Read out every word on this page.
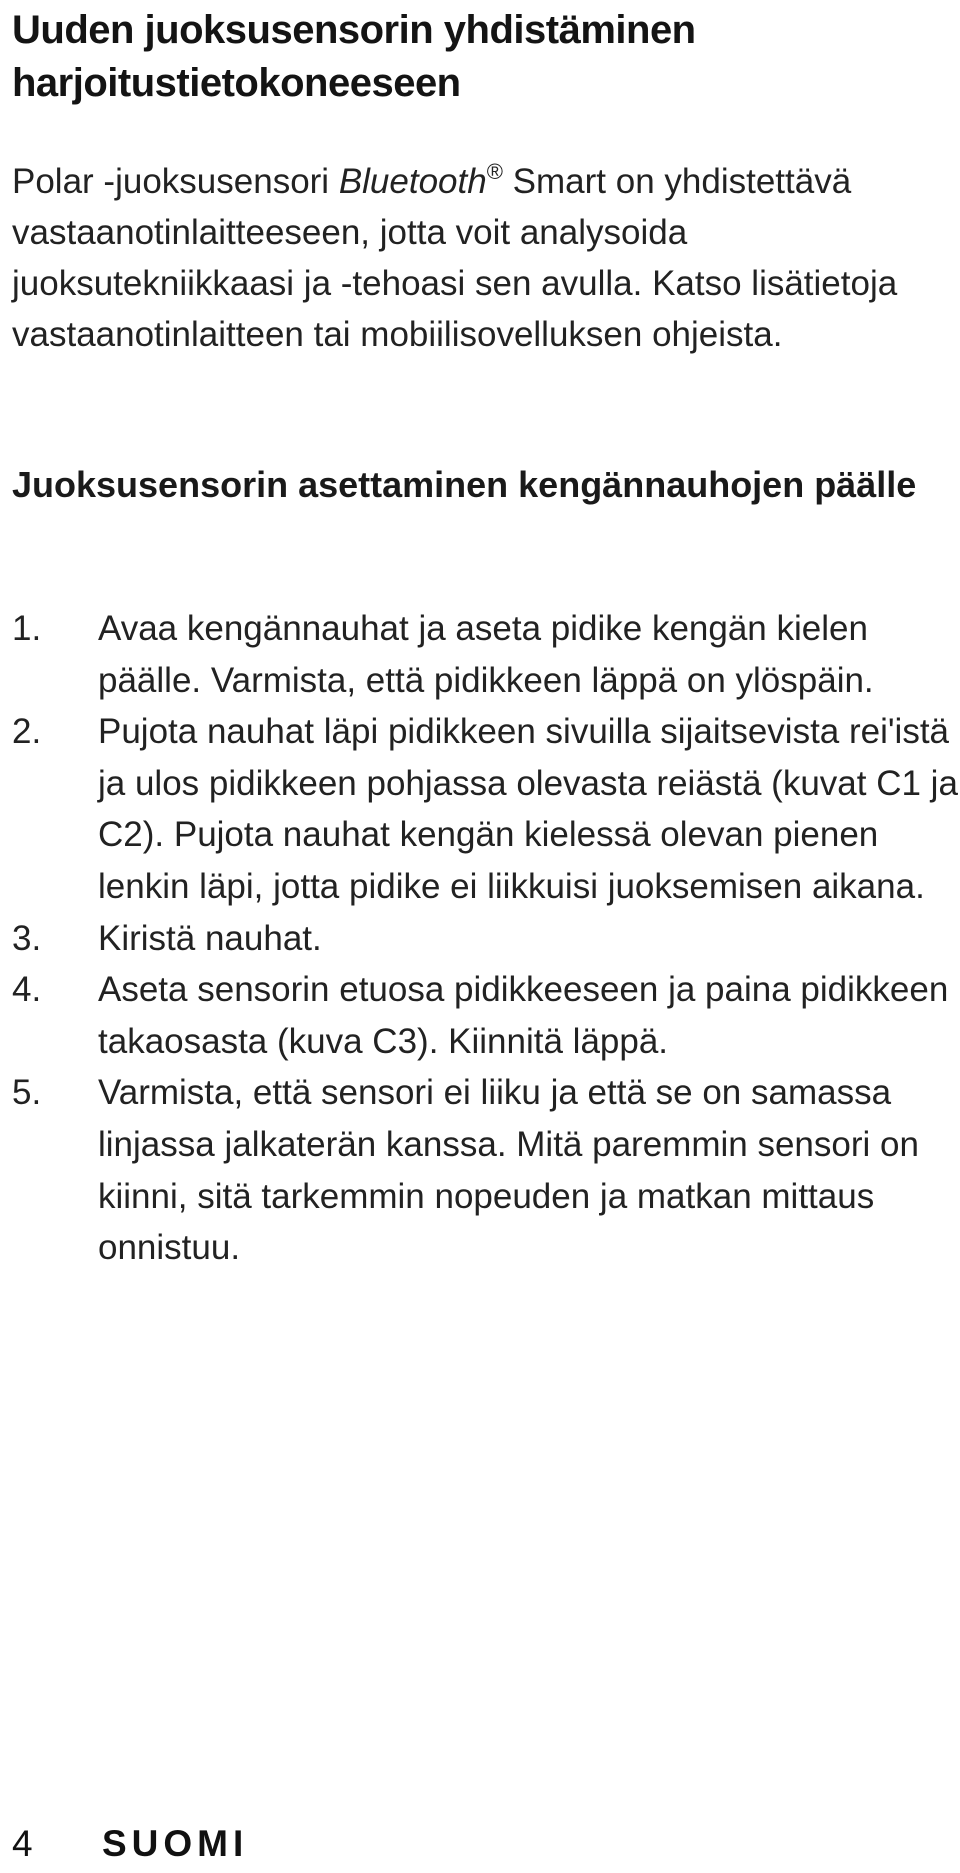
Uuden juoksusensorin yhdistäminen harjoitustietokoneeseen

Polar -juoksusensori Bluetooth® Smart on yhdistettävä vastaanotinlaitteeseen, jotta voit analysoida juoksutekniikkaasi ja -tehoasi sen avulla. Katso lisätietoja vastaanotinlaitteen tai mobiilisovelluksen ohjeista.

Juoksusensorin asettaminen kengännauhojen päälle
1.	Avaa kengännauhat ja aseta pidike kengän kielen päälle. Varmista, että pidikkeen läppä on ylöspäin.
2.	Pujota nauhat läpi pidikkeen sivuilla sijaitsevista rei'istä ja ulos pidikkeen pohjassa olevasta reiästä (kuvat C1 ja C2). Pujota nauhat kengän kielessä olevan pienen lenkin läpi, jotta pidike ei liikkuisi juoksemisen aikana.
3.	Kiristä nauhat.
4.	Aseta sensorin etuosa pidikkeeseen ja paina pidikkeen takaosasta (kuva C3). Kiinnitä läppä.
5.	Varmista, että sensori ei liiku ja että se on samassa linjassa jalkaterän kanssa. Mitä paremmin sensori on kiinni, sitä tarkemmin nopeuden ja matkan mittaus onnistuu.
4 SUOMI
